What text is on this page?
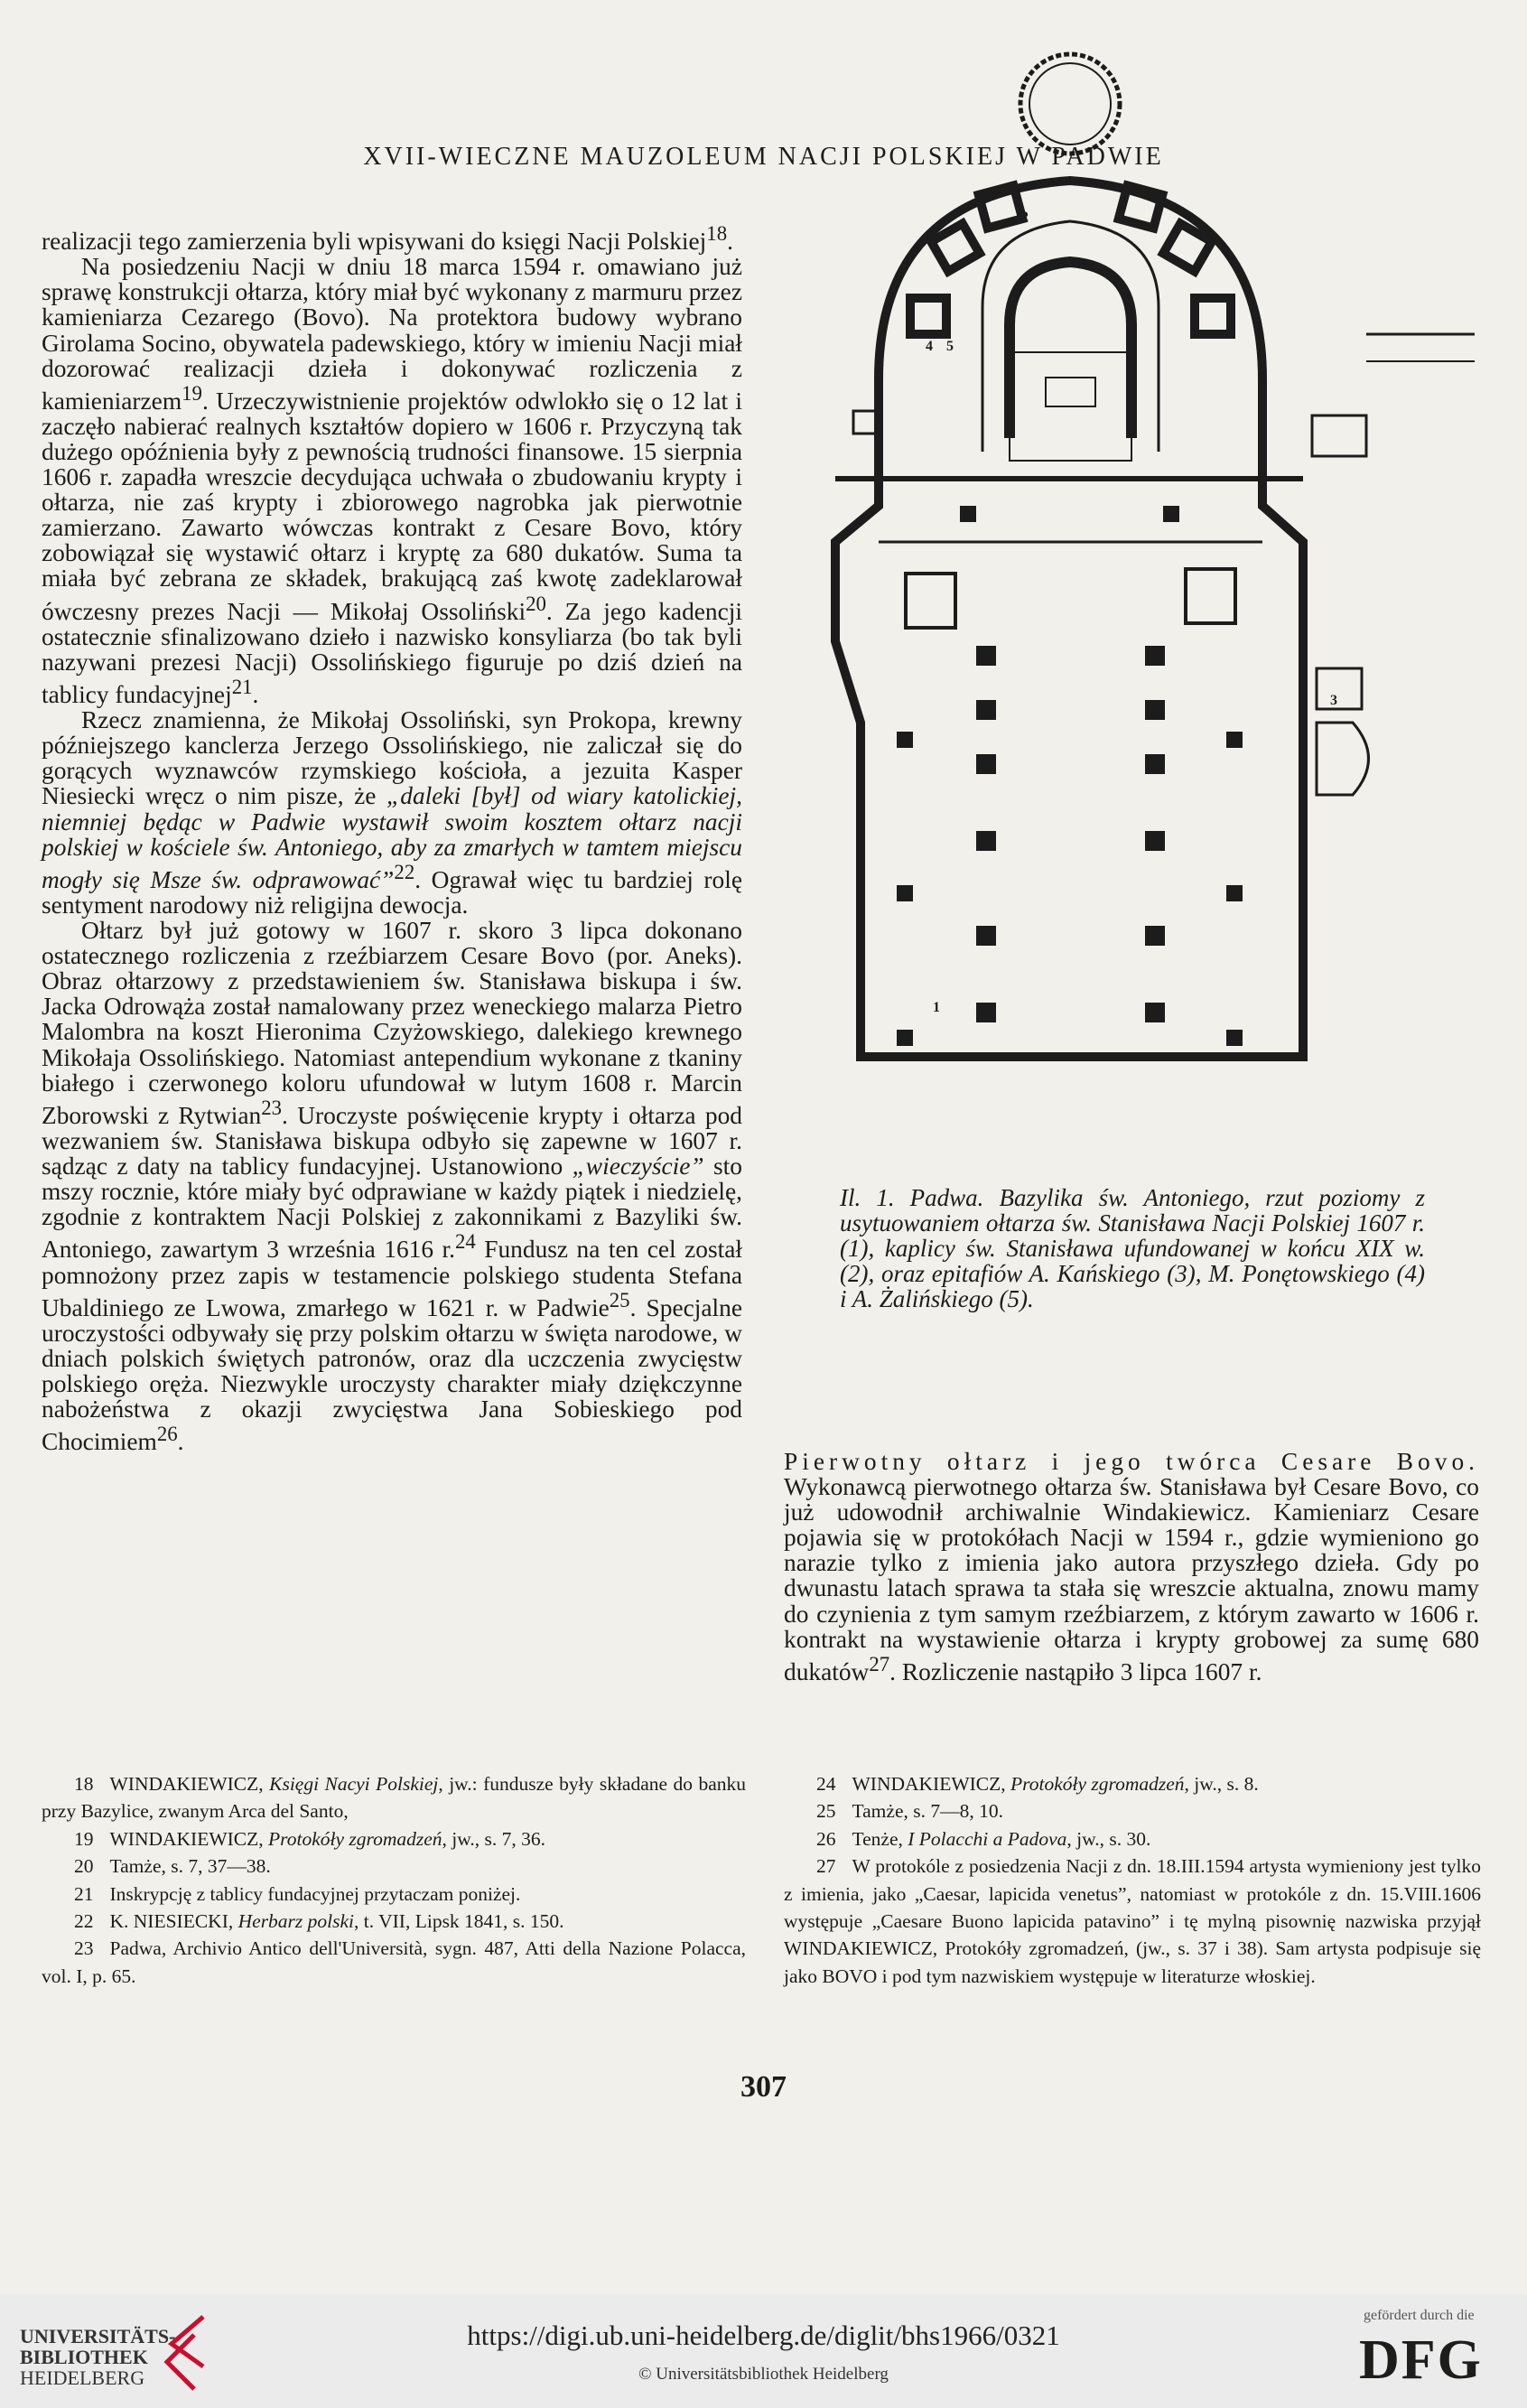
XVII-WIECZNE MAUZOLEUM NACJI POLSKIEJ W PADWIE

realizacji tego zamierzenia byli wpisywani do księgi Nacji Polskiej$^{18}$.

Na posiedzeniu Nacji w dniu 18 marca 1594 r. omawiano już sprawę konstrukcji ołtarza, który miał być wykonany z marmuru przez kamieniarza Cezarego (Bovo). Na protektora budowy wybrano Girolama Socino, obywatela padewskiego, który w imieniu Nacji miał dozorować realizacji dzieła i dokonywać rozliczenia z kamieniarzem$^{19}$. Urzeczywistnienie projektów odwlokło się o 12 lat i zaczęło nabierać realnych kształtów dopiero w 1606 r. Przyczyną tak dużego opóźnienia były z pewnością trudności finansowe. 15 sierpnia 1606 r. zapadła wreszcie decydująca uchwała o zbudowaniu krypty i ołtarza, nie zaś krypty i zbiorowego nagrobka jak pierwotnie zamierzano. Zawarto wówczas kontrakt z Cesare Bovo, który zobowiązał się wystawić ołtarz i kryptę za 680 dukatów. Suma ta miała być zebrana ze składek, brakującą zaś kwotę zadeklarował ówczesny prezes Nacji — Mikołaj Ossoliński$^{20}$. Za jego kadencji ostatecznie sfinalizowano dzieło i nazwisko konsyliarza (bo tak byli nazywani prezesi Nacji) Ossolińskiego figuruje po dziś dzień na tablicy fundacyjnej$^{21}$.

Rzecz znamienna, że Mikołaj Ossoliński, syn Prokopa, krewny późniejszego kanclerza Jerzego Ossolińskiego, nie zaliczał się do gorących wyznawców rzymskiego kościoła, a jezuita Kasper Niesiecki wręcz o nim pisze, że „daleki [był] od wiary katolickiej, niemniej będąc w Padwie wystawił swoim kosztem ołtarz nacji polskiej w kościele św. Antoniego, aby za zmarłych w tamtem miejscu mogły się Msze św. odprawować”$^{22}$. Ograwał więc tu bardziej rolę sentyment narodowy niż religijna dewocja.

Ołtarz był już gotowy w 1607 r. skoro 3 lipca dokonano ostatecznego rozliczenia z rzeźbiarzem Cesare Bovo (por. Aneks). Obraz ołtarzowy z przedstawieniem św. Stanisława biskupa i św. Jacka Odrowąża został namalowany przez weneckiego malarza Pietro Malombra na koszt Hieronima Czyżowskiego, dalekiego krewnego Mikołaja Ossolińskiego. Natomiast antependium wykonane z tkaniny białego i czerwonego koloru ufundował w lutym 1608 r. Marcin Zborowski z Rytwian$^{23}$. Uroczyste poświęcenie krypty i ołtarza pod wezwaniem św. Stanisława biskupa odbyło się zapewne w 1607 r. sądząc z daty na tablicy fundacyjnej. Ustanowiono „wieczyście” sto mszy rocznie, które miały być odprawiane w każdy piątek i niedzielę, zgodnie z kontraktem Nacji Polskiej z zakonnikami z Bazyliki św. Antoniego, zawartym 3 września 1616 r.$^{24}$ Fundusz na ten cel został pomnożony przez zapis w testamencie polskiego studenta Stefana Ubaldiniego ze Lwowa, zmarłego w 1621 r. w Padwie$^{25}$. Specjalne uroczystości odbywały się przy polskim ołtarzu w święta narodowe, w dniach polskich świętych patronów, oraz dla uczczenia zwycięstw polskiego oręża. Niezwykle uroczysty charakter miały dziękczynne nabożeństwa z okazji zwycięstwa Jana Sobieskiego pod Chocimiem$^{26}$.

2
4 5
3
1
Il. 1. Padwa. Bazylika św. Antoniego, rzut poziomy z usytuowaniem ołtarza św. Stanisława Nacji Polskiej 1607 r. (1), kaplicy św. Stanisława ufundowanej w końcu XIX w. (2), oraz epitafiów A. Kańskiego (3), M. Ponętowskiego (4) i A. Żalińskiego (5).

Pierwotny ołtarz i jego twórca Cesare Bovo. Wykonawcą pierwotnego ołtarza św. Stanisława był Cesare Bovo, co już udowodnił archiwalnie Windakiewicz. Kamieniarz Cesare pojawia się w protokółach Nacji w 1594 r., gdzie wymieniono go narazie tylko z imienia jako autora przyszłego dzieła. Gdy po dwunastu latach sprawa ta stała się wreszcie aktualna, znowu mamy do czynienia z tym samym rzeźbiarzem, z którym zawarto w 1606 r. kontrakt na wystawienie ołtarza i krypty grobowej za sumę 680 dukatów$^{27}$. Rozliczenie nastąpiło 3 lipca 1607 r.

18 WINDAKIEWICZ, Księgi Nacyi Polskiej, jw.: fundusze były składane do banku przy Bazylice, zwanym Arca del Santo,

19 WINDAKIEWICZ, Protokóły zgromadzeń, jw., s. 7, 36.

20 Tamże, s. 7, 37—38.

21 Inskrypcję z tablicy fundacyjnej przytaczam poniżej.

22 K. NIESIECKI, Herbarz polski, t. VII, Lipsk 1841, s. 150.

23 Padwa, Archivio Antico dell'Università, sygn. 487, Atti della Nazione Polacca, vol. I, p. 65.

24 WINDAKIEWICZ, Protokóły zgromadzeń, jw., s. 8.

25 Tamże, s. 7—8, 10.

26 Tenże, I Polacchi a Padova, jw., s. 30.

27 W protokóle z posiedzenia Nacji z dn. 18.III.1594 artysta wymieniony jest tylko z imienia, jako „Caesar, lapicida venetus”, natomiast w protokóle z dn. 15.VIII.1606 występuje „Caesare Buono lapicida patavino” i tę mylną pisownię nazwiska przyjął WINDAKIEWICZ, Protokóły zgromadzeń, (jw., s. 37 i 38). Sam artysta podpisuje się jako BOVO i pod tym nazwiskiem występuje w literaturze włoskiej.

307
UNIVERSITÄTS-
BIBLIOTHEK
HEIDELBERG
https://digi.ub.uni-heidelberg.de/diglit/bhs1966/0321
© Universitätsbibliothek Heidelberg
gefördert durch die
DFG
